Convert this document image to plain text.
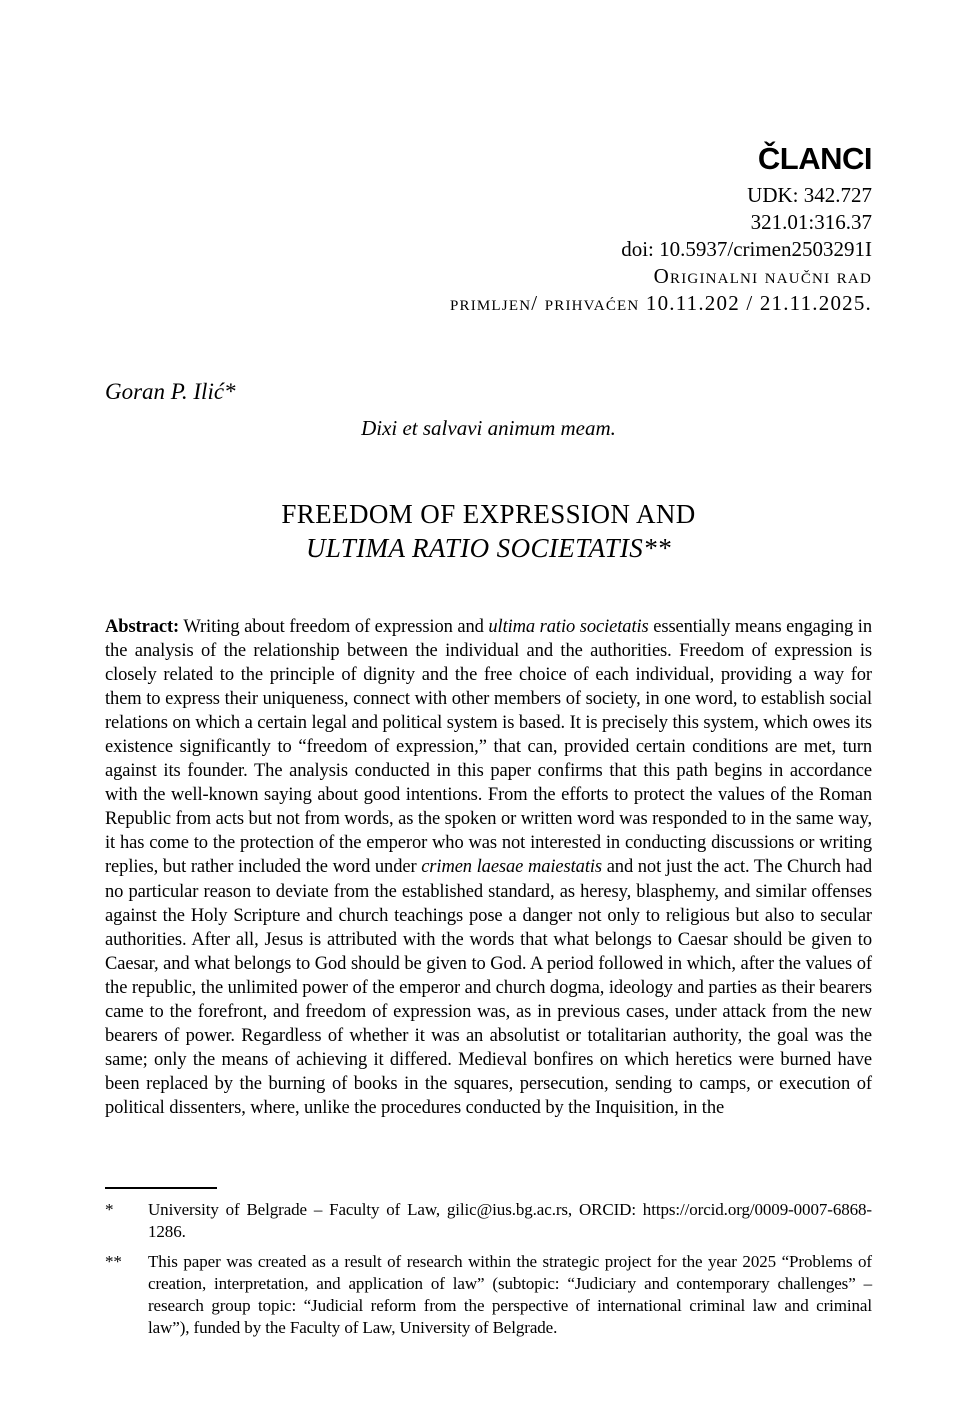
ČLANCI
UDK: 342.727
321.01:316.37
doi: 10.5937/crimen2503291I
Originalni naučni rad
primljen/ prihvaćen 10.11.202 / 21.11.2025.
Goran P. Ilić*
Dixi et salvavi animum meam.
FREEDOM OF EXPRESSION AND
ULTIMA RATIO SOCIETATIS**

Abstract: Writing about freedom of expression and ultima ratio societatis essentially means engaging in the analysis of the relationship between the individual and the authorities. Freedom of expression is closely related to the principle of dignity and the free choice of each individual, providing a way for them to express their uniqueness, connect with other members of society, in one word, to establish social relations on which a certain legal and political system is based. It is precisely this system, which owes its existence significantly to “freedom of expression,” that can, provided certain conditions are met, turn against its founder. The analysis conducted in this paper confirms that this path begins in accordance with the well-known saying about good intentions. From the efforts to protect the values of the Roman Republic from acts but not from words, as the spoken or written word was responded to in the same way, it has come to the protection of the emperor who was not interested in conducting discussions or writing replies, but rather included the word under crimen laesae maiestatis and not just the act. The Church had no particular reason to deviate from the established standard, as heresy, blasphemy, and similar offenses against the Holy Scripture and church teachings pose a danger not only to religious but also to secular authorities. After all, Jesus is attributed with the words that what belongs to Caesar should be given to Caesar, and what belongs to God should be given to God. A period followed in which, after the values of the republic, the unlimited power of the emperor and church dogma, ideology and parties as their bearers came to the forefront, and freedom of expression was, as in previous cases, under attack from the new bearers of power. Regardless of whether it was an absolutist or totalitarian authority, the goal was the same; only the means of achieving it differed. Medieval bonfires on which heretics were burned have been replaced by the burning of books in the squares, persecution, sending to camps, or execution of political dissenters, where, unlike the procedures conducted by the Inquisition, in the

*	University of Belgrade – Faculty of Law, gilic@ius.bg.ac.rs, ORCID: https://orcid.org/0009-0007-6868-1286.
**	This paper was created as a result of research within the strategic project for the year 2025 “Problems of creation, interpretation, and application of law” (subtopic: “Judiciary and contemporary challenges” – research group topic: “Judicial reform from the perspective of international criminal law and criminal law”), funded by the Faculty of Law, University of Belgrade.
